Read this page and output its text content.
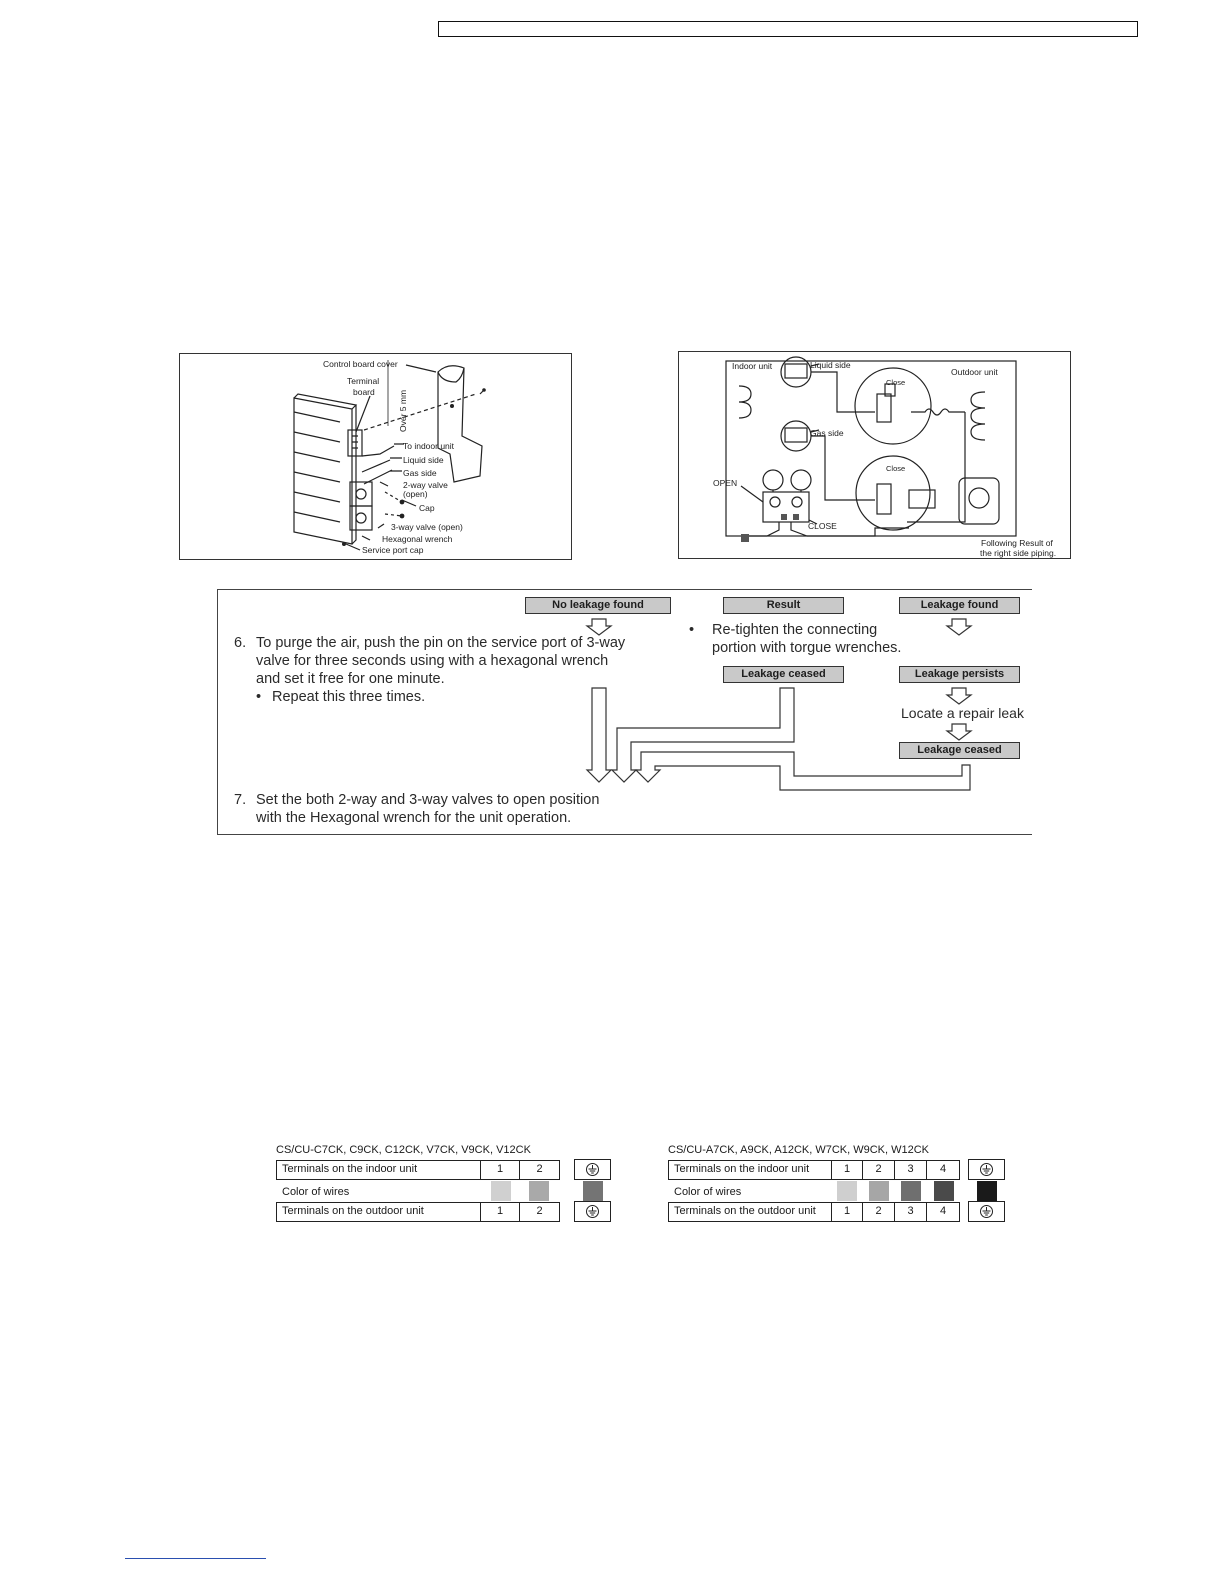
Control board cover
Terminal
board	Over 5 mm
To indoor unit
Liquid side
Gas side
2-way valve
(open)
Cap
3-way valve (open)
Hexagonal wrench
Service port cap
Indoor unit	Liquid side
Outdoor unit
Close
Gas side
Close
OPEN
CLOSE
Following Result of
the right side piping.
No leakage found	Result	Leakage found
Leakage ceased	Leakage persists
Leakage ceased
6. To purge the air, push the pin on the service port of 3-way
valve for three seconds using with a hexagonal wrench
and set it free for one minute.
• Repeat this three times.
• Re-tighten the connecting
portion with torgue wrenches.
Locate a repair leak
7. Set the both 2-way and 3-way valves to open position
with the Hexagonal wrench for the unit operation.
CS/CU-C7CK, C9CK, C12CK, V7CK, V9CK, V12CK
Terminals on the indoor unit	1	2
Color of wires
Terminals on the outdoor unit	1	2
CS/CU-A7CK, A9CK, A12CK, W7CK, W9CK, W12CK
Terminals on the indoor unit	1	2	3	4
Color of wires
Terminals on the outdoor unit	1	2	3	4
